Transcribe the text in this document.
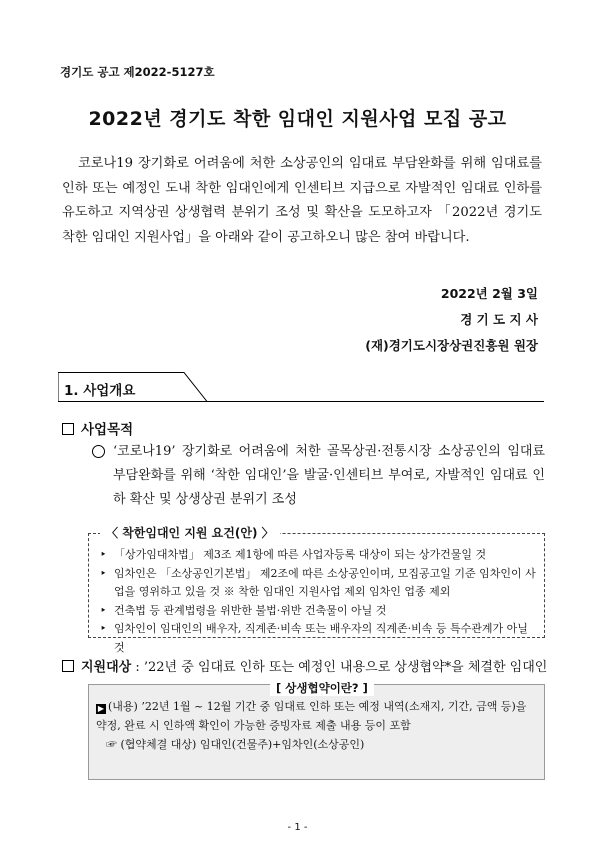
경기도 공고 제2022-5127호
2022년 경기도 착한 임대인 지원사업 모집 공고

코로나19 장기화로 어려움에 처한 소상공인의 임대료 부담완화를 위해 임대료를 인하 또는 예정인 도내 착한 임대인에게 인센티브 지급으로 자발적인 임대료 인하를 유도하고 지역상권 상생협력 분위기 조성 및 확산을 도모하고자 「2022년 경기도 착한 임대인 지원사업」을 아래와 같이 공고하오니 많은 참여 바랍니다.

2022년 2월 3일
경 기 도 지 사
(재)경기도시장상권진흥원 원장
1. 사업개요
사업목적

‘코로나19’ 장기화로 어려움에 처한 골목상권·전통시장 소상공인의 임대료 부담완화를 위해 ‘착한 임대인’을 발굴·인센티브 부여로, 자발적인 임대료 인하 확산 및 상생상권 분위기 조성

〈 착한임대인 지원 요건(안) 〉
‣ 「상가임대차법」 제3조 제1항에 따른 사업자등록 대상이 되는 상가건물일 것
‣ 임차인은 「소상공인기본법」 제2조에 따른 소상공인이며, 모집공고일 기준 임차인이 사업을 영위하고 있을 것 ※ 착한 임대인 지원사업 제외 임차인 업종 제외
‣ 건축법 등 관계법령을 위반한 불법·위반 건축물이 아닐 것
‣ 임차인이 임대인의 배우자, 직계존·비속 또는 배우자의 직계존·비속 등 특수관계가 아닐 것
지원대상 : ’22년 중 임대료 인하 또는 예정인 내용으로 상생협약*을 체결한 임대인
[ 상생협약이란? ]
▶ (내용) ’22년 1월 ~ 12월 기간 중 임대료 인하 또는 예정 내역(소재지, 기간, 금액 등)을 약정, 완료 시 인하액 확인이 가능한 증빙자료 제출 내용 등이 포함
☞ (협약체결 대상) 임대인(건물주)+임차인(소상공인)
- 1 -
